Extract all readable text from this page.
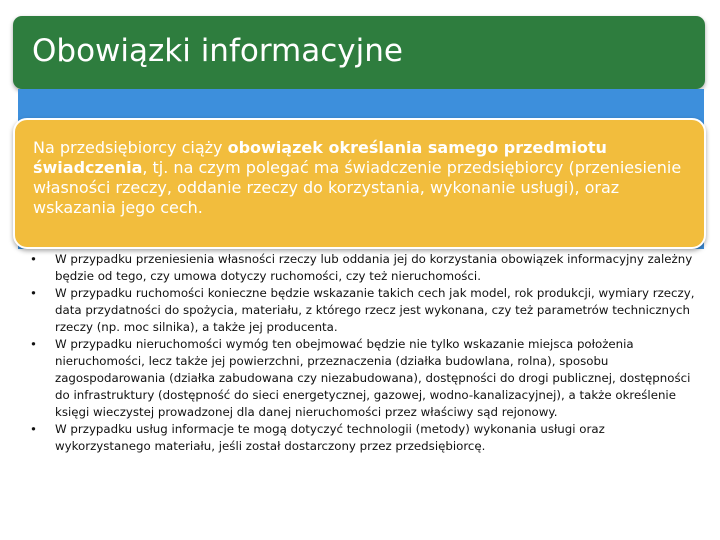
Obowiązki informacyjne
Na przedsiębiorcy ciąży obowiązek określania samego przedmiotu świadczenia, tj. na czym polegać ma świadczenie przedsiębiorcy (przeniesienie własności rzeczy, oddanie rzeczy do korzystania, wykonanie usługi), oraz wskazania jego cech.
• W przypadku przeniesienia własności rzeczy lub oddania jej do korzystania obowiązek informacyjny zależny będzie od tego, czy umowa dotyczy ruchomości, czy też nieruchomości.
• W przypadku ruchomości konieczne będzie wskazanie takich cech jak model, rok produkcji, wymiary rzeczy, data przydatności do spożycia, materiału, z którego rzecz jest wykonana, czy też parametrów technicznych rzeczy (np. moc silnika), a także jej producenta.
• W przypadku nieruchomości wymóg ten obejmować będzie nie tylko wskazanie miejsca położenia nieruchomości, lecz także jej powierzchni, przeznaczenia (działka budowlana, rolna), sposobu zagospodarowania (działka zabudowana czy niezabudowana), dostępności do drogi publicznej, dostępności do infrastruktury (dostępność do sieci energetycznej, gazowej, wodno-kanalizacyjnej), a także określenie księgi wieczystej prowadzonej dla danej nieruchomości przez właściwy sąd rejonowy.
• W przypadku usług informacje te mogą dotyczyć technologii (metody) wykonania usługi oraz wykorzystanego materiału, jeśli został dostarczony przez przedsiębiorcę.
